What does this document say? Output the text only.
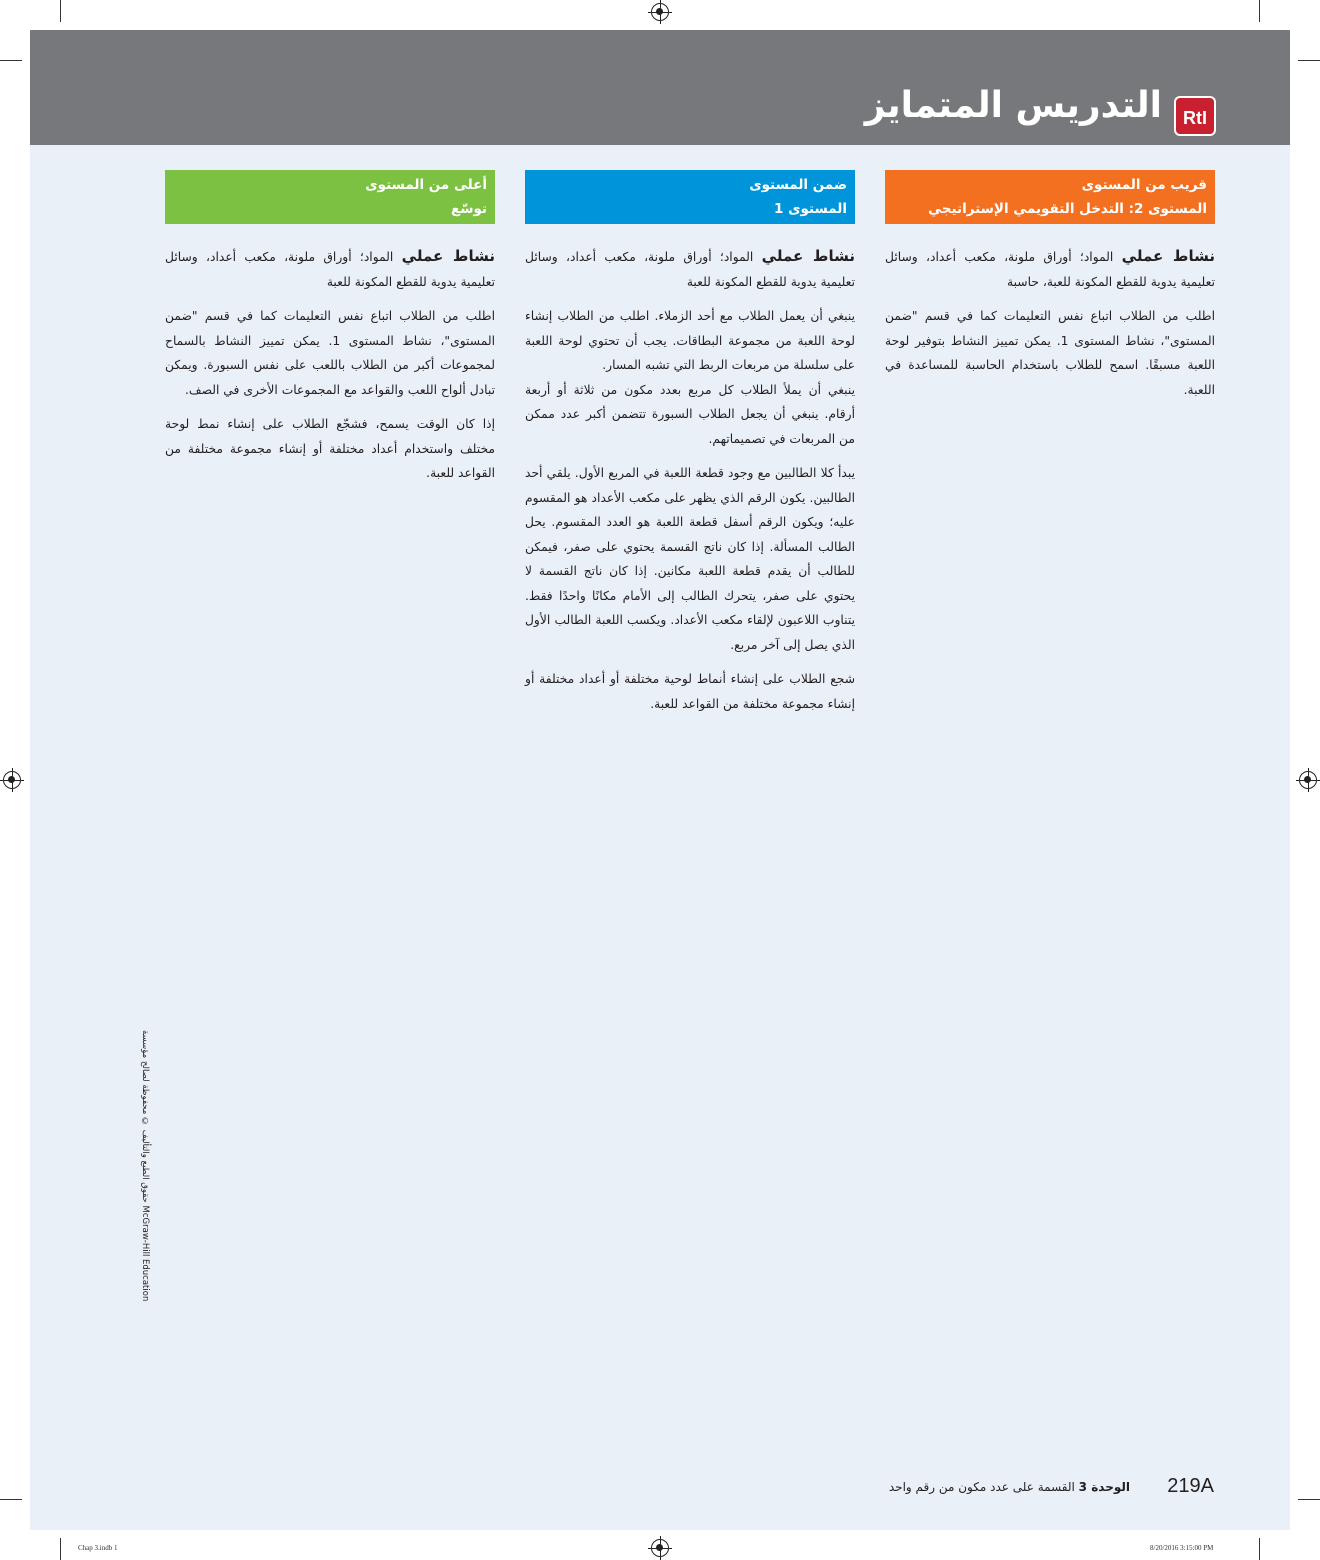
التدريس المتمايز	RtI
قريب من المستوى
المستوى 2: التدخل التقويمي الإستراتيجي

نشاط عملي المواد؛ أوراق ملونة، مكعب أعداد، وسائل تعليمية يدوية للقطع المكونة للعبة، حاسبة

اطلب من الطلاب اتباع نفس التعليمات كما في قسم "ضمن المستوى"، نشاط المستوى 1. يمكن تمييز النشاط بتوفير لوحة اللعبة مسبقًا. اسمح للطلاب باستخدام الحاسبة للمساعدة في اللعبة.

ضمن المستوى
المستوى 1

نشاط عملي المواد؛ أوراق ملونة، مكعب أعداد، وسائل تعليمية يدوية للقطع المكونة للعبة

ينبغي أن يعمل الطلاب مع أحد الزملاء. اطلب من الطلاب إنشاء لوحة اللعبة من مجموعة البطاقات. يجب أن تحتوي لوحة اللعبة على سلسلة من مربعات الربط التي تشبه المسار.

ينبغي أن يملأ الطلاب كل مربع بعدد مكون من ثلاثة أو أربعة أرقام. ينبغي أن يجعل الطلاب السبورة تتضمن أكبر عدد ممكن من المربعات في تصميماتهم.

يبدأ كلا الطالبين مع وجود قطعة اللعبة في المربع الأول. يلقي أحد الطالبين. يكون الرقم الذي يظهر على مكعب الأعداد هو المقسوم عليه؛ ويكون الرقم أسفل قطعة اللعبة هو العدد المقسوم. يحل الطالب المسألة. إذا كان ناتج القسمة يحتوي على صفر، فيمكن للطالب أن يقدم قطعة اللعبة مكانين. إذا كان ناتج القسمة لا يحتوي على صفر، يتحرك الطالب إلى الأمام مكانًا واحدًا فقط. يتناوب اللاعبون لإلقاء مكعب الأعداد. ويكسب اللعبة الطالب الأول الذي يصل إلى آخر مربع.

شجع الطلاب على إنشاء أنماط لوحية مختلفة أو أعداد مختلفة أو إنشاء مجموعة مختلفة من القواعد للعبة.

أعلى من المستوى
توسّع

نشاط عملي المواد؛ أوراق ملونة، مكعب أعداد، وسائل تعليمية يدوية للقطع المكونة للعبة

اطلب من الطلاب اتباع نفس التعليمات كما في قسم "ضمن المستوى"، نشاط المستوى 1. يمكن تمييز النشاط بالسماح لمجموعات أكبر من الطلاب باللعب على نفس السبورة. ويمكن تبادل ألواح اللعب والقواعد مع المجموعات الأخرى في الصف.

إذا كان الوقت يسمح، فشجّع الطلاب على إنشاء نمط لوحة مختلف واستخدام أعداد مختلفة أو إنشاء مجموعة مختلفة من القواعد للعبة.

حقوق الطبع والتأليف © محفوظة لصالح مؤسسة McGraw-Hill Education
الوحدة 3 القسمة على عدد مكون من رقم واحد	219A
Chap 3.indb 1	8/20/2016 3:15:00 PM
